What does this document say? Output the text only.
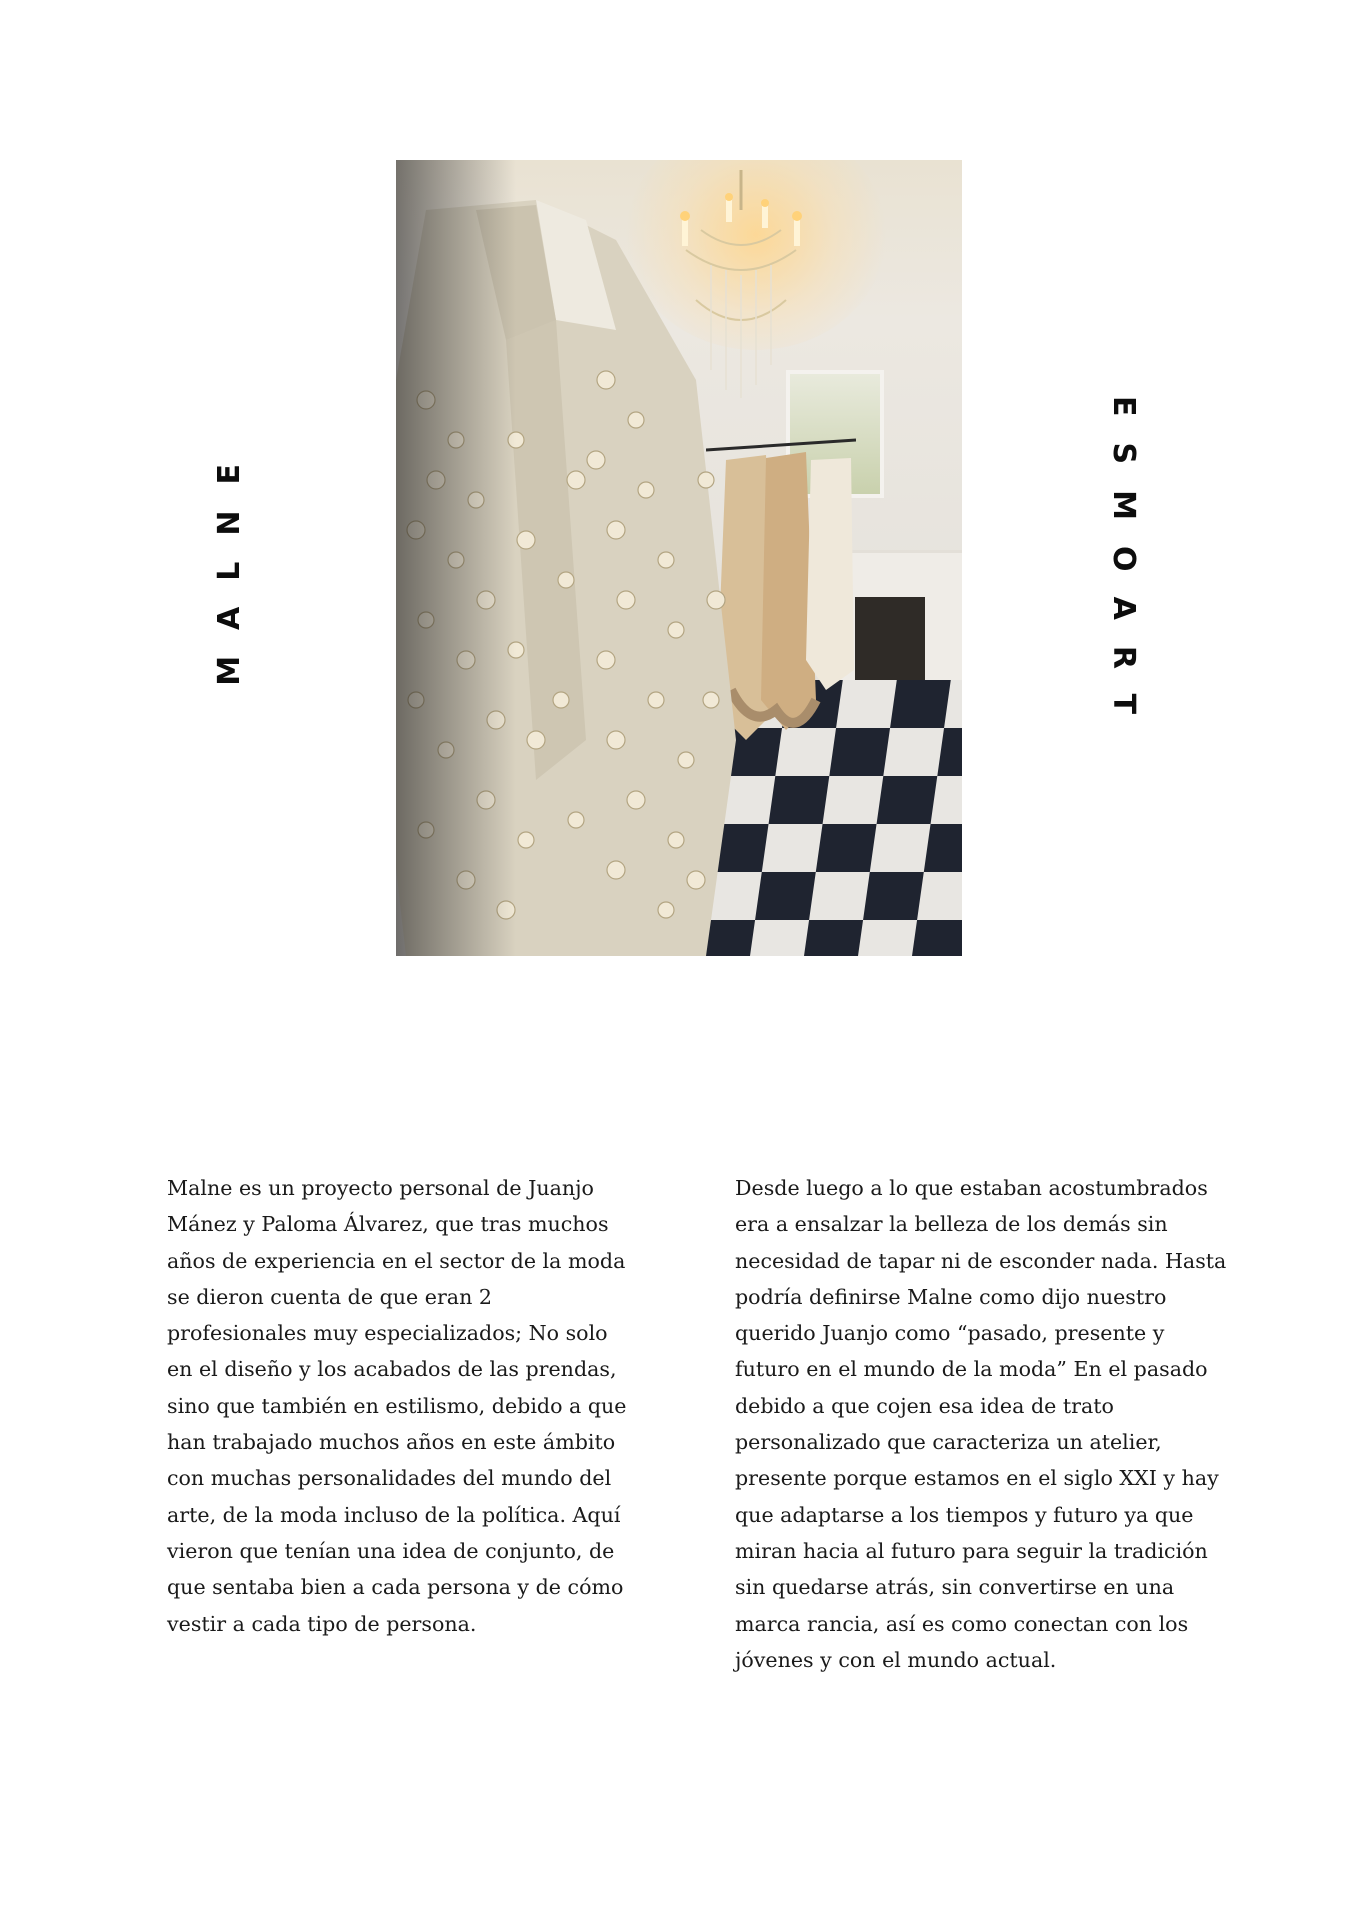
MALNE	ESMOART

Malne es un proyecto personal de Juanjo Mánez y Paloma Álvarez, que tras muchos años de experiencia en el sector de la moda se dieron cuenta de que eran 2 profesionales muy especializados; No solo en el diseño y los acabados de las prendas, sino que también en estilismo, debido a que han trabajado muchos años en este ámbito con muchas personalidades del mundo del arte, de la moda incluso de la política. Aquí vieron que tenían una idea de conjunto, de que sentaba bien a cada persona y de cómo vestir a cada tipo de persona.

Desde luego a lo que estaban acostumbrados era a ensalzar la belleza de los demás sin necesidad de tapar ni de esconder nada. Hasta podría definirse Malne como dijo nuestro querido Juanjo como “pasado, presente y futuro en el mundo de la moda” En el pasado debido a que cojen esa idea de trato personalizado que caracteriza un atelier, presente porque estamos en el siglo XXI y hay que adaptarse a los tiempos y futuro ya que miran hacia al futuro para seguir la tradición sin quedarse atrás, sin convertirse en una marca rancia, así es como conectan con los jóvenes y con el mundo actual.
